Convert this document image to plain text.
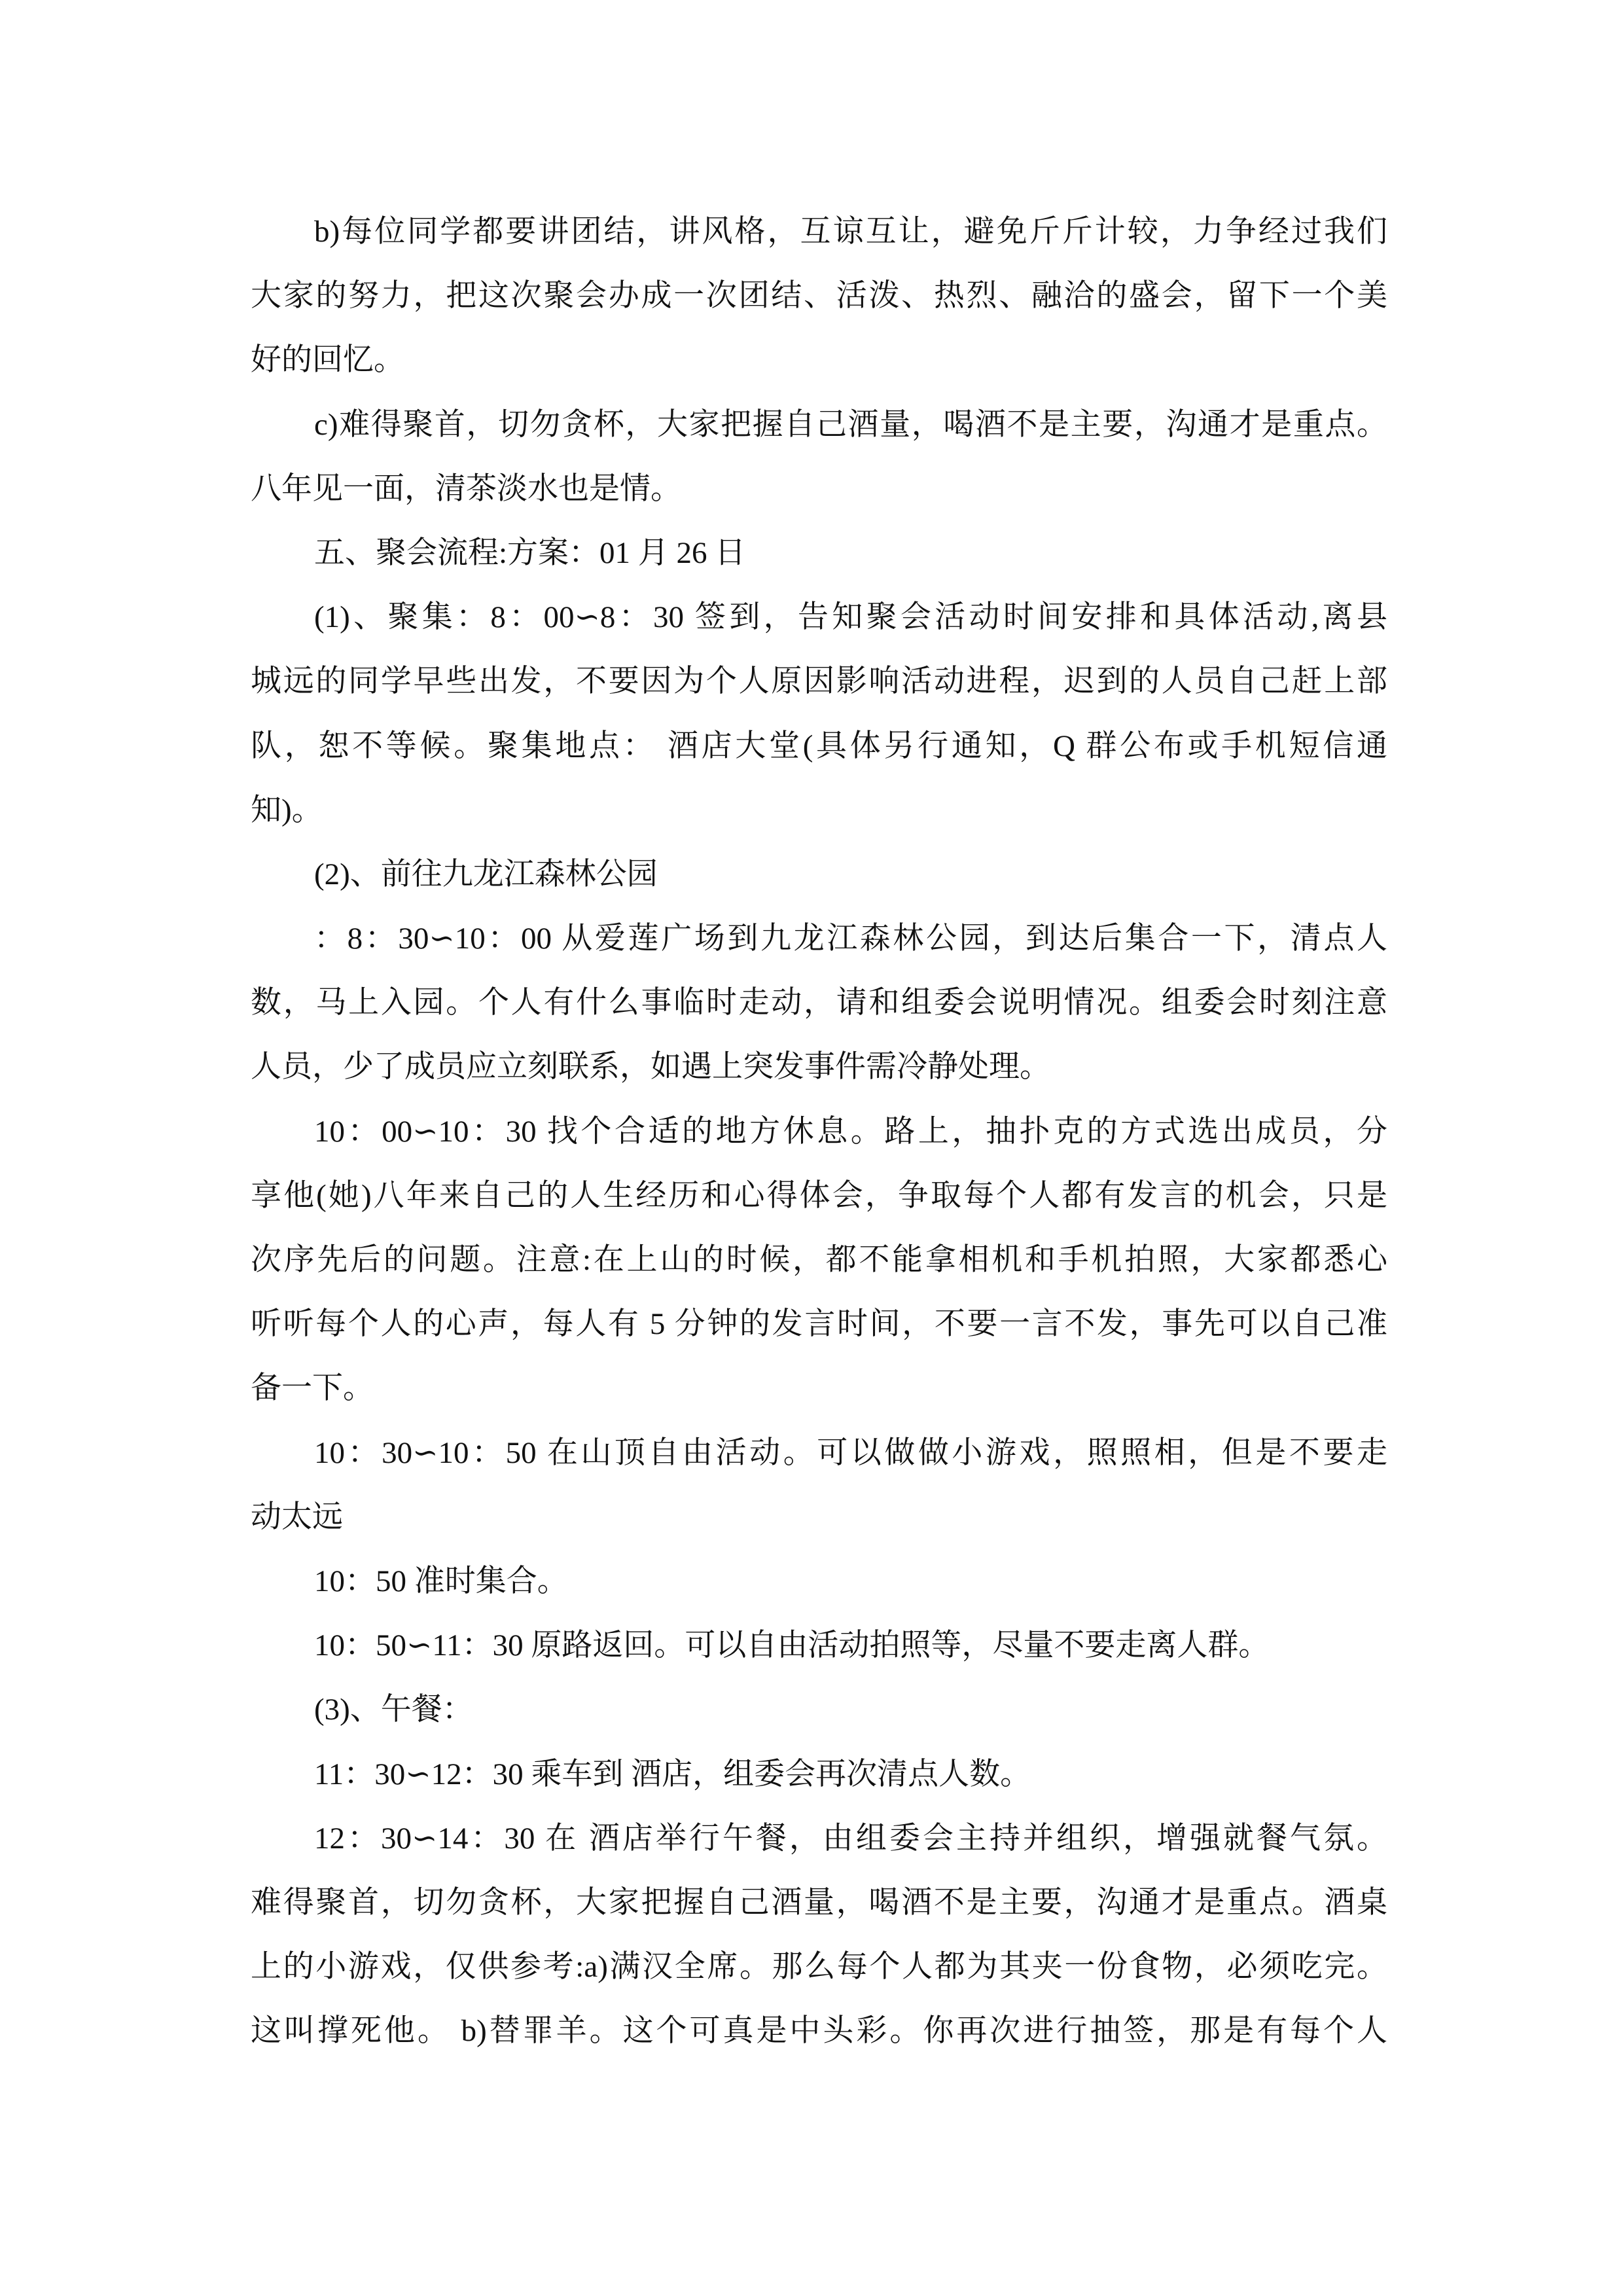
b)每位同学都要讲团结，讲风格，互谅互让，避免斤斤计较，力争经过我们
大家的努力，把这次聚会办成一次团结、活泼、热烈、融洽的盛会，留下一个美
好的回忆。
c)难得聚首，切勿贪杯，大家把握自己酒量，喝酒不是主要，沟通才是重点。
八年见一面，清茶淡水也是情。
五、聚会流程:方案：01 月 26 日
(1)、聚集：8：00∽8：30 签到，告知聚会活动时间安排和具体活动,离县
城远的同学早些出发，不要因为个人原因影响活动进程，迟到的人员自己赶上部
队，恕不等候。聚集地点： 酒店大堂(具体另行通知，Q 群公布或手机短信通
知)。
(2)、前往九龙江森林公园
：8：30∽10：00 从爱莲广场到九龙江森林公园，到达后集合一下，清点人
数，马上入园。个人有什么事临时走动，请和组委会说明情况。组委会时刻注意
人员，少了成员应立刻联系，如遇上突发事件需冷静处理。
10：00∽10：30 找个合适的地方休息。路上，抽扑克的方式选出成员，分
享他(她)八年来自己的人生经历和心得体会，争取每个人都有发言的机会，只是
次序先后的问题。注意:在上山的时候，都不能拿相机和手机拍照，大家都悉心
听听每个人的心声，每人有 5 分钟的发言时间，不要一言不发，事先可以自己准
备一下。
10：30∽10：50 在山顶自由活动。可以做做小游戏，照照相，但是不要走
动太远
10：50 准时集合。
10：50∽11：30 原路返回。可以自由活动拍照等，尽量不要走离人群。
(3)、午餐：
11：30∽12：30 乘车到 酒店，组委会再次清点人数。
12：30∽14：30 在 酒店举行午餐，由组委会主持并组织，增强就餐气氛。
难得聚首，切勿贪杯，大家把握自己酒量，喝酒不是主要，沟通才是重点。酒桌
上的小游戏，仅供参考:a)满汉全席。那么每个人都为其夹一份食物，必须吃完。
这叫撑死他。 b)替罪羊。这个可真是中头彩。你再次进行抽签，那是有每个人
